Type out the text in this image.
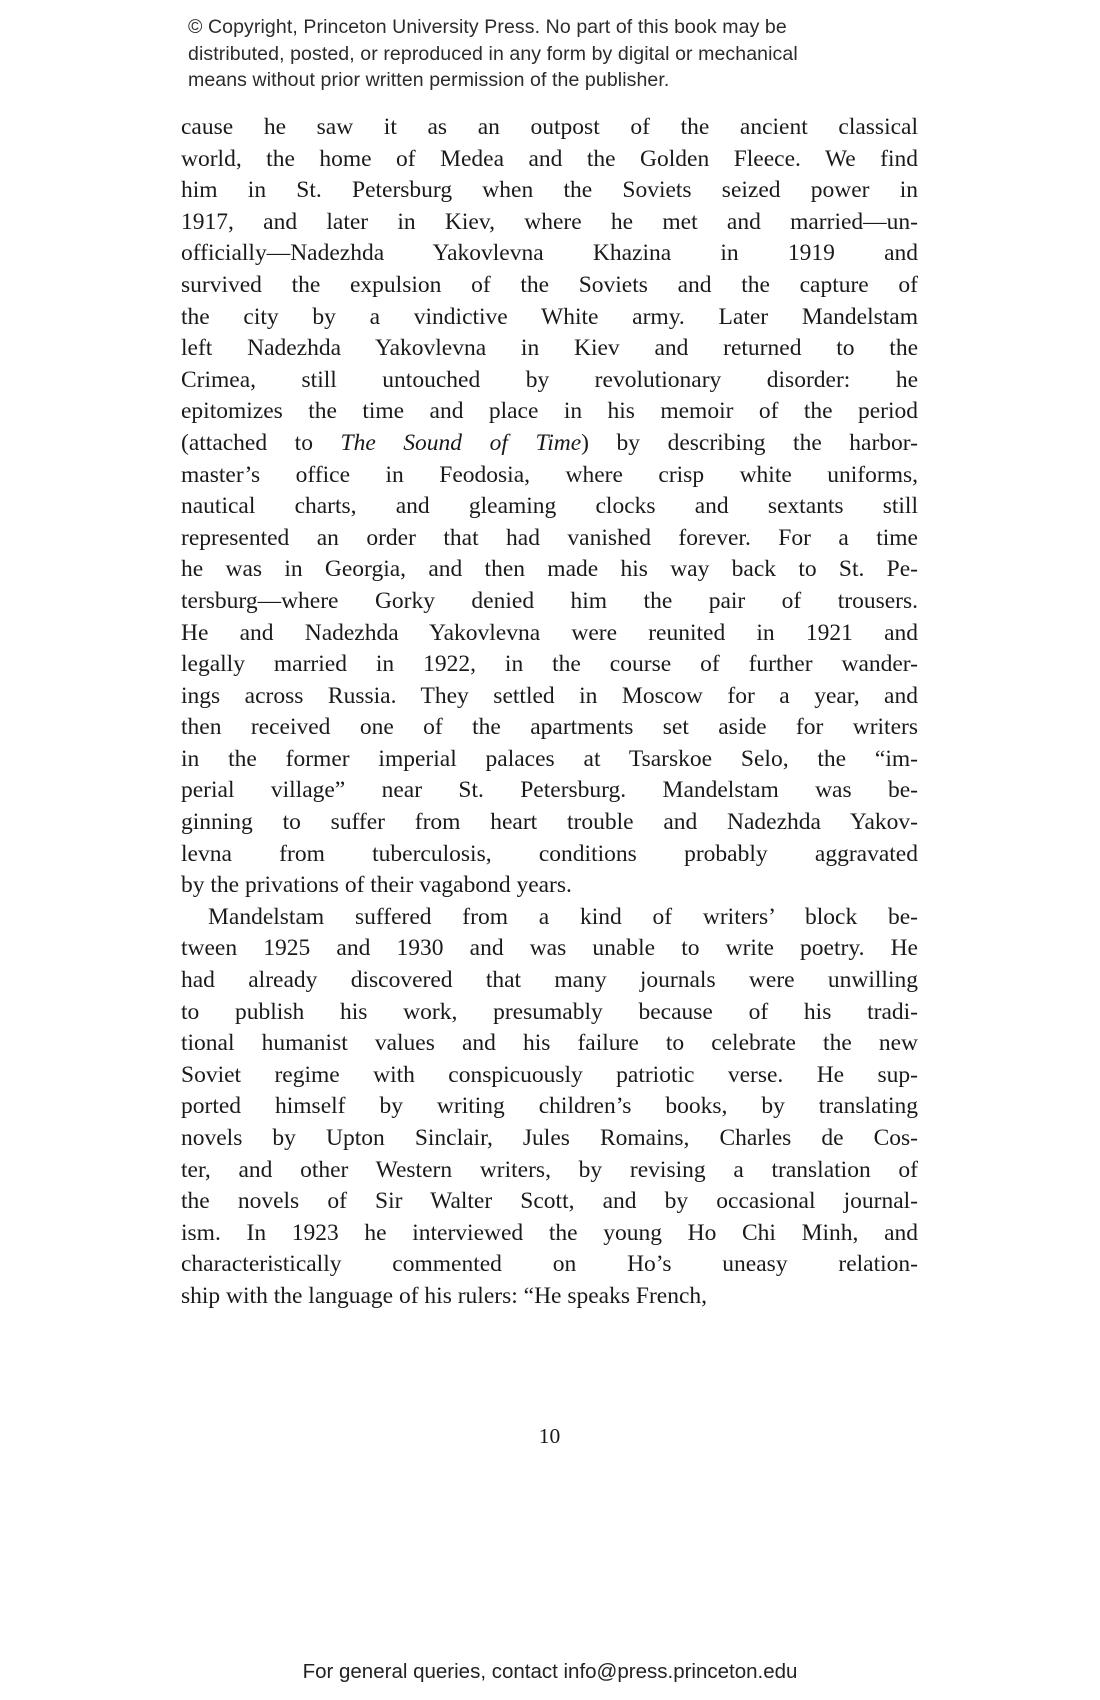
© Copyright, Princeton University Press. No part of this book may be
distributed, posted, or reproduced in any form by digital or mechanical
means without prior written permission of the publisher.
cause he saw it as an outpost of the ancient classical
world, the home of Medea and the Golden Fleece. We find
him in St. Petersburg when the Soviets seized power in
1917, and later in Kiev, where he met and married—un-
officially—Nadezhda Yakovlevna Khazina in 1919 and
survived the expulsion of the Soviets and the capture of
the city by a vindictive White army. Later Mandelstam
left Nadezhda Yakovlevna in Kiev and returned to the
Crimea, still untouched by revolutionary disorder: he
epitomizes the time and place in his memoir of the period
(attached to The Sound of Time) by describing the harbor-
master’s office in Feodosia, where crisp white uniforms,
nautical charts, and gleaming clocks and sextants still
represented an order that had vanished forever. For a time
he was in Georgia, and then made his way back to St. Pe-
tersburg—where Gorky denied him the pair of trousers.
He and Nadezhda Yakovlevna were reunited in 1921 and
legally married in 1922, in the course of further wander-
ings across Russia. They settled in Moscow for a year, and
then received one of the apartments set aside for writers
in the former imperial palaces at Tsarskoe Selo, the “im-
perial village” near St. Petersburg. Mandelstam was be-
ginning to suffer from heart trouble and Nadezhda Yakov-
levna from tuberculosis, conditions probably aggravated
by the privations of their vagabond years.
Mandelstam suffered from a kind of writers’ block be-
tween 1925 and 1930 and was unable to write poetry. He
had already discovered that many journals were unwilling
to publish his work, presumably because of his tradi-
tional humanist values and his failure to celebrate the new
Soviet regime with conspicuously patriotic verse. He sup-
ported himself by writing children’s books, by translating
novels by Upton Sinclair, Jules Romains, Charles de Cos-
ter, and other Western writers, by revising a translation of
the novels of Sir Walter Scott, and by occasional journal-
ism. In 1923 he interviewed the young Ho Chi Minh, and
characteristically commented on Ho’s uneasy relation-
ship with the language of his rulers: “He speaks French,
10
For general queries, contact info@press.princeton.edu
